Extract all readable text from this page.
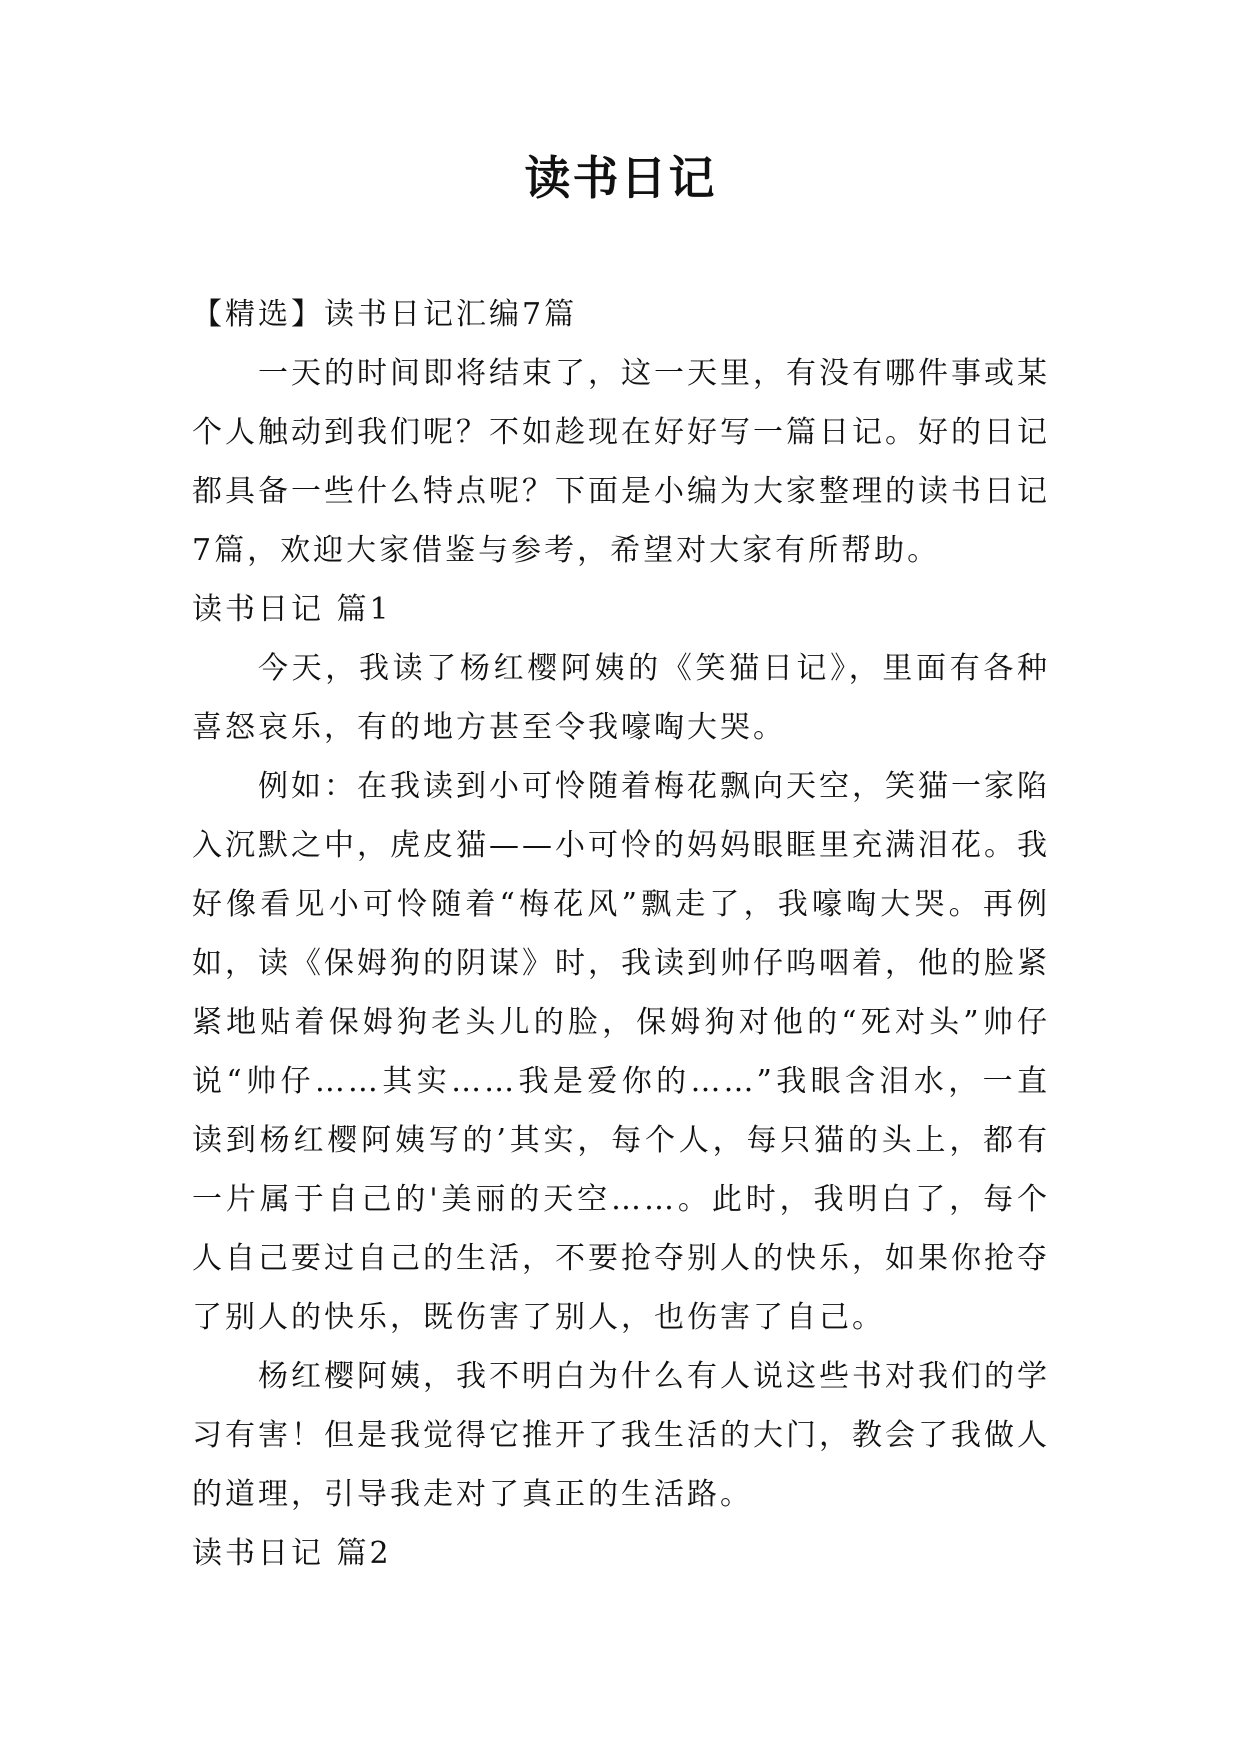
读书日记

【精选】读书日记汇编7篇

一天的时间即将结束了，这一天里，有没有哪件事或某个人触动到我们呢？不如趁现在好好写一篇日记。好的日记都具备一些什么特点呢？下面是小编为大家整理的读书日记7篇，欢迎大家借鉴与参考，希望对大家有所帮助。

读书日记 篇1

今天，我读了杨红樱阿姨的《笑猫日记》，里面有各种喜怒哀乐，有的地方甚至令我嚎啕大哭。

例如：在我读到小可怜随着梅花飘向天空，笑猫一家陷入沉默之中，虎皮猫——小可怜的妈妈眼眶里充满泪花。我好像看见小可怜随着“梅花风”飘走了，我嚎啕大哭。再例如，读《保姆狗的阴谋》时，我读到帅仔呜咽着，他的脸紧紧地贴着保姆狗老头儿的脸，保姆狗对他的“死对头”帅仔说“帅仔……其实……我是爱你的……”我眼含泪水，一直读到杨红樱阿姨写的’其实，每个人，每只猫的头上，都有一片属于自己的'美丽的天空……。此时，我明白了，每个人自己要过自己的生活，不要抢夺别人的快乐，如果你抢夺了别人的快乐，既伤害了别人，也伤害了自己。

杨红樱阿姨，我不明白为什么有人说这些书对我们的学习有害！但是我觉得它推开了我生活的大门，教会了我做人的道理，引导我走对了真正的生活路。

读书日记 篇2
